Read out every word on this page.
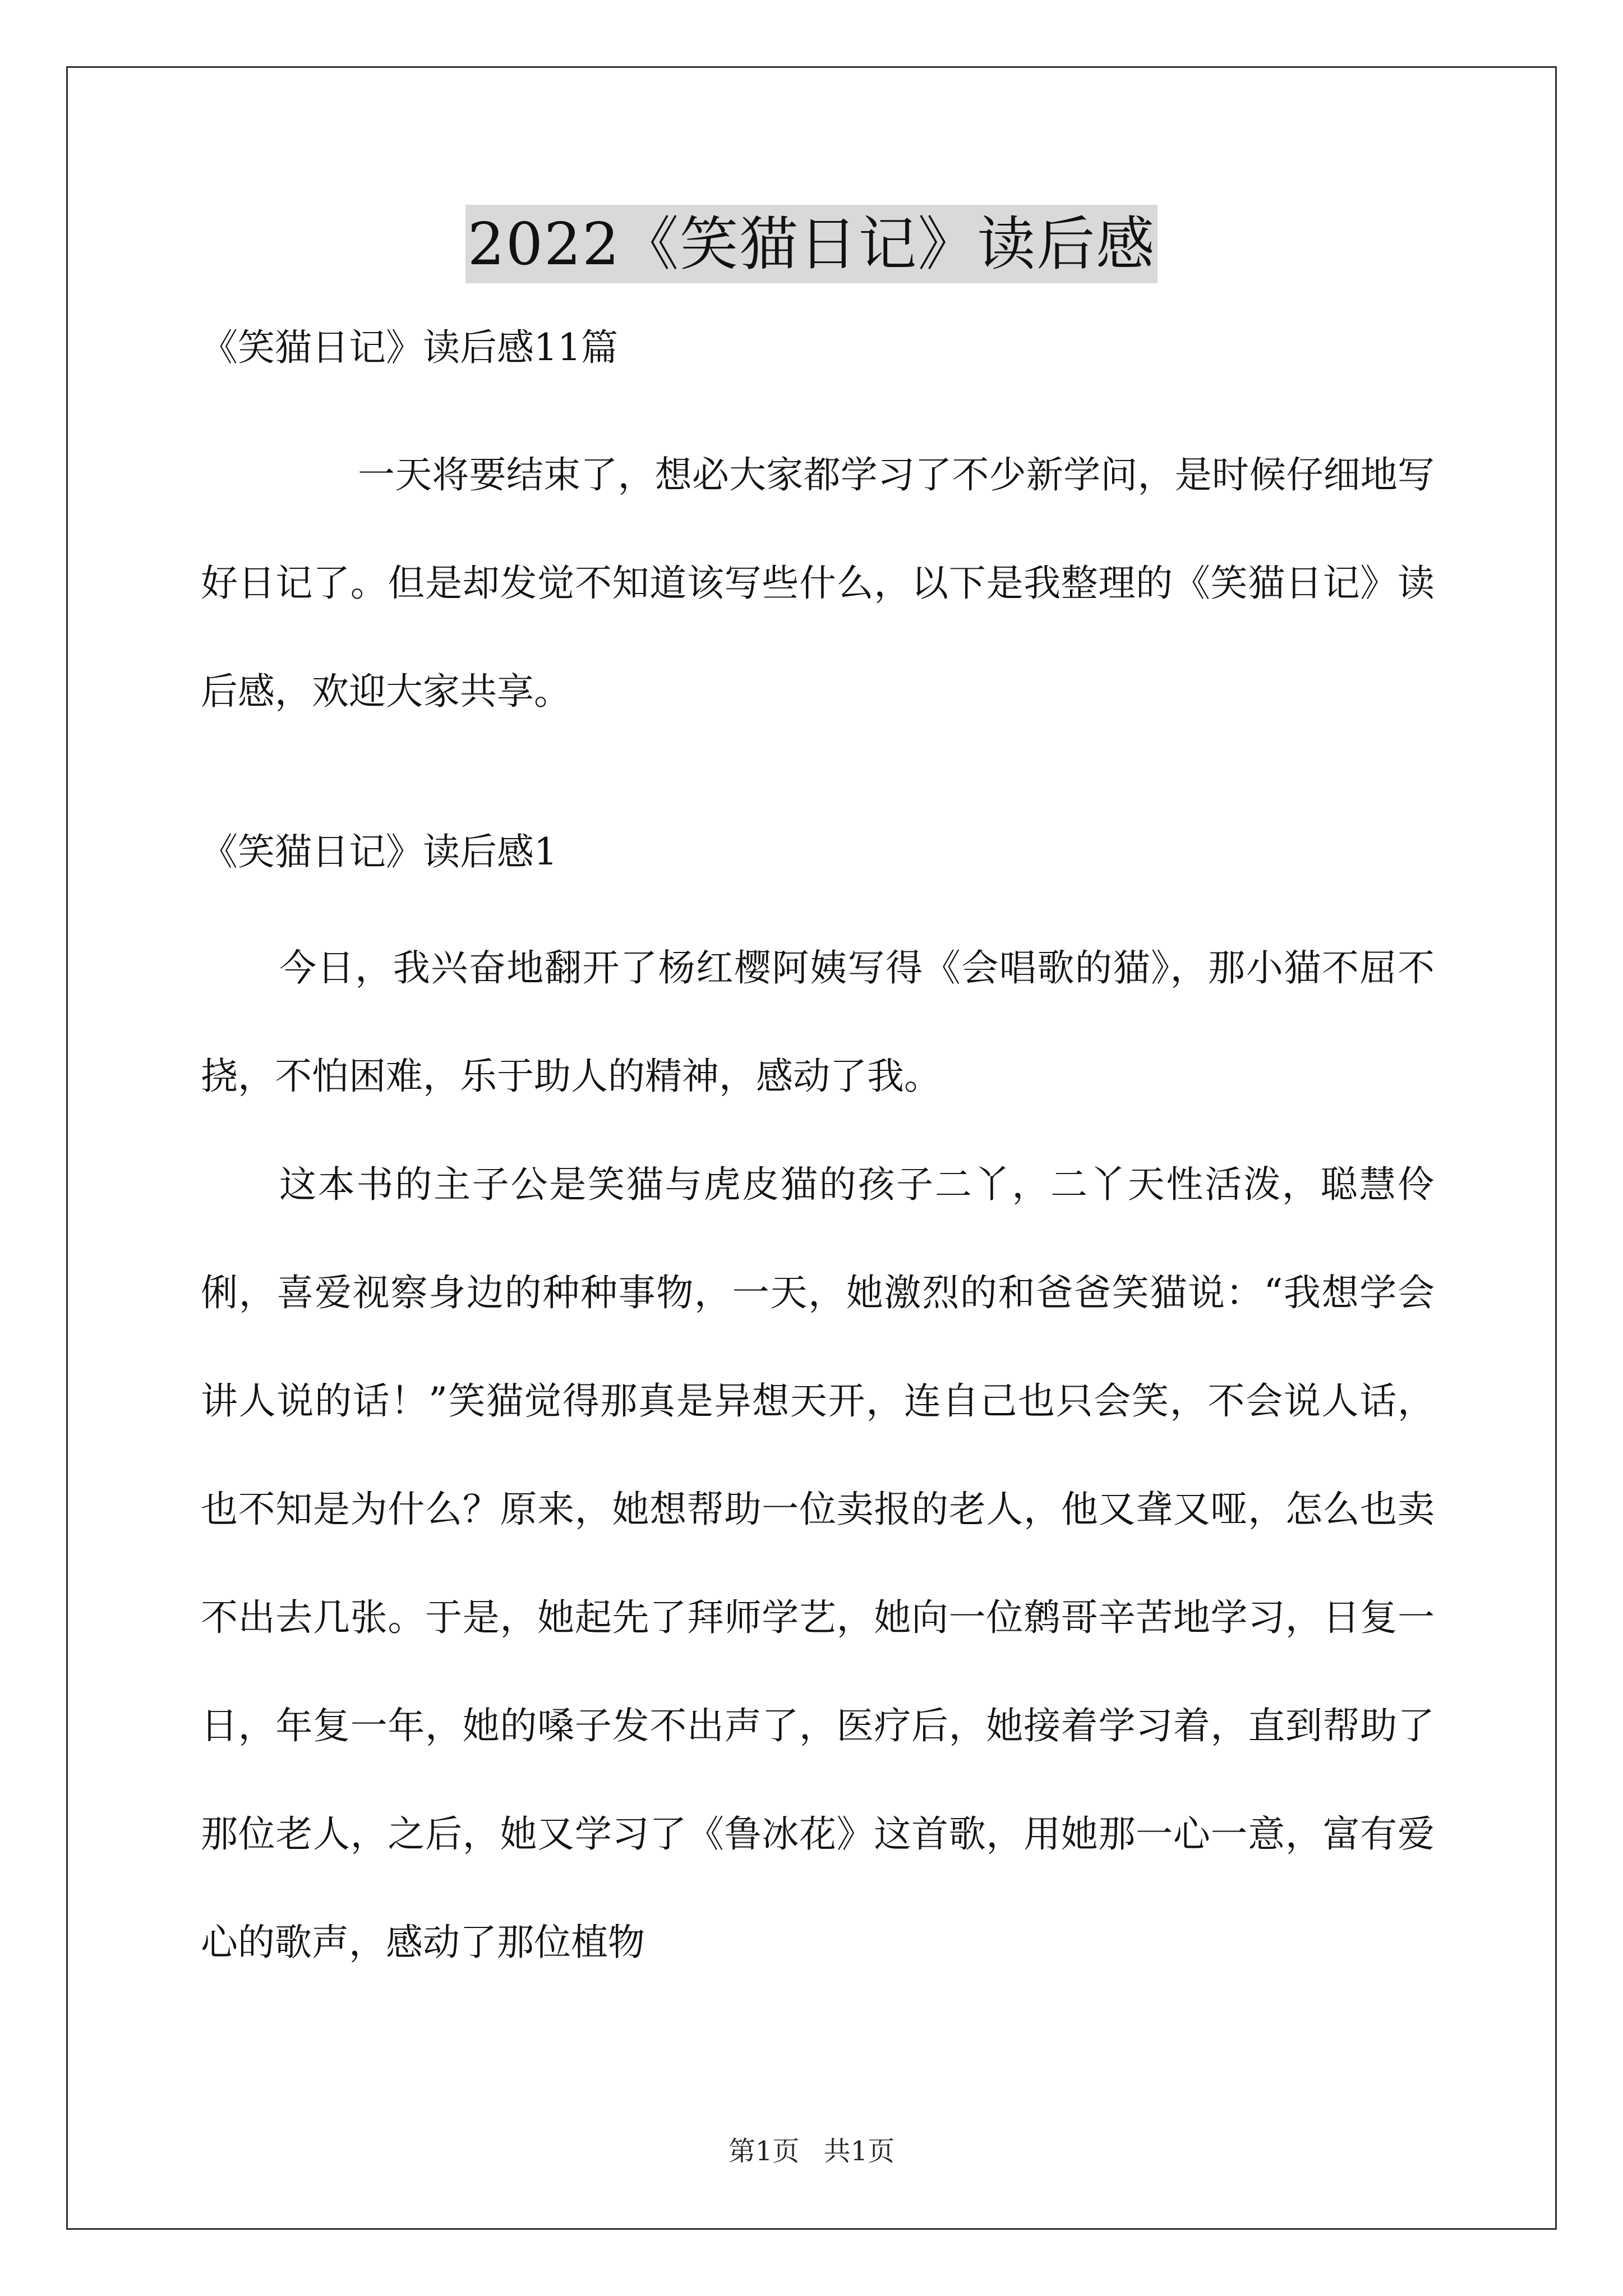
2022《笑猫日记》读后感

《笑猫日记》读后感11篇

一天将要结束了，想必大家都学习了不少新学问，是时候仔细地写好日记了。但是却发觉不知道该写些什么，以下是我整理的《笑猫日记》读后感，欢迎大家共享。

《笑猫日记》读后感1

今日，我兴奋地翻开了杨红樱阿姨写得《会唱歌的猫》，那小猫不屈不挠，不怕困难，乐于助人的精神，感动了我。

这本书的主子公是笑猫与虎皮猫的孩子二丫，二丫天性活泼，聪慧伶俐，喜爱视察身边的种种事物，一天，她激烈的和爸爸笑猫说：“我想学会讲人说的话！”笑猫觉得那真是异想天开，连自己也只会笑，不会说人话，也不知是为什么？原来，她想帮助一位卖报的老人，他又聋又哑，怎么也卖不出去几张。于是，她起先了拜师学艺，她向一位鹩哥辛苦地学习，日复一日，年复一年，她的嗓子发不出声了，医疗后，她接着学习着，直到帮助了那位老人，之后，她又学习了《鲁冰花》这首歌，用她那一心一意，富有爱心的歌声，感动了那位植物

第1页 共1页
